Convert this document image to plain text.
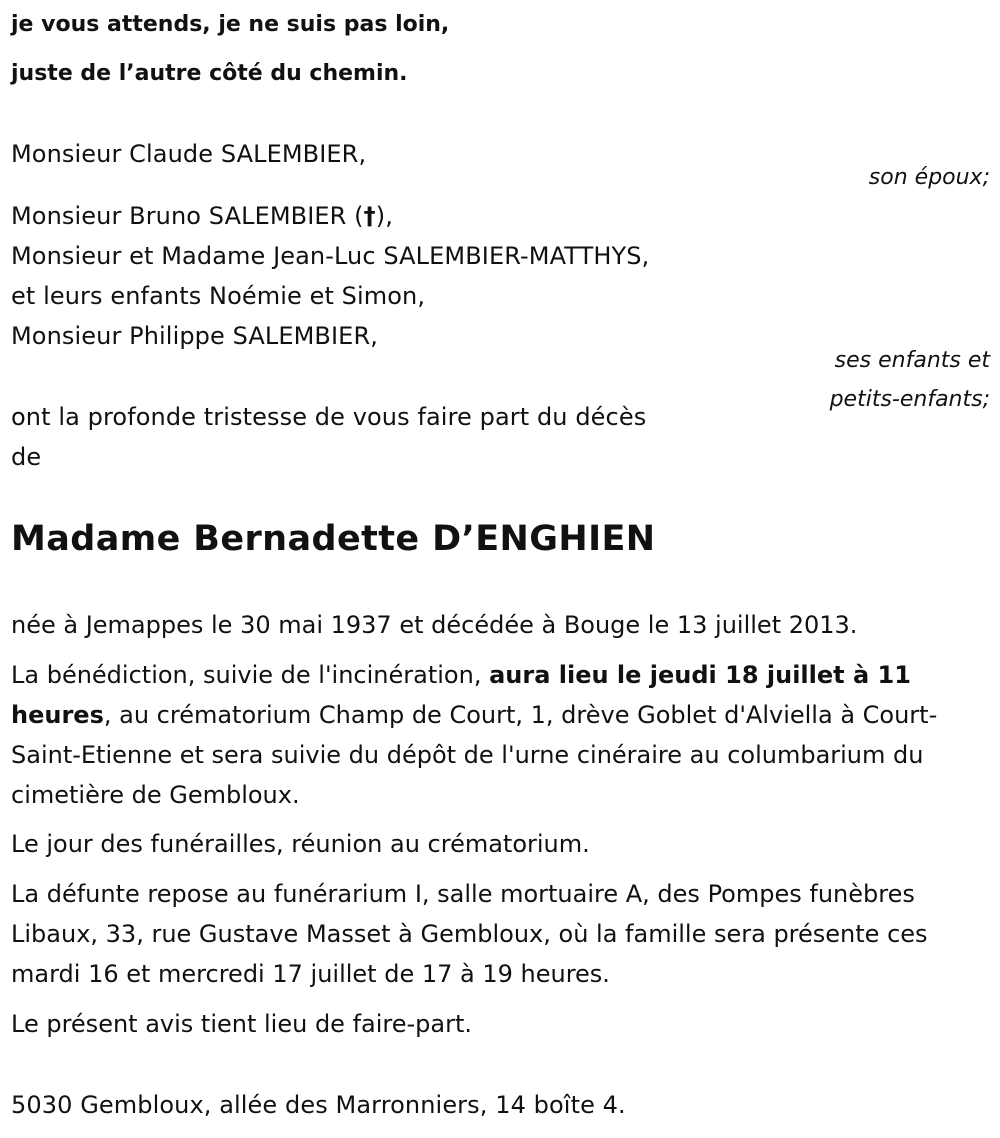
je vous attends, je ne suis pas loin,
juste de l’autre côté du chemin.
Monsieur Claude SALEMBIER,
son époux;
Monsieur Bruno SALEMBIER (†),
Monsieur et Madame Jean-Luc SALEMBIER-MATTHYS,
et leurs enfants Noémie et Simon,
Monsieur Philippe SALEMBIER,
ses enfants et
petits-enfants;
ont la profonde tristesse de vous faire part du décès
de
Madame Bernadette D’ENGHIEN

née à Jemappes le 30 mai 1937 et décédée à Bouge le 13 juillet 2013.

La bénédiction, suivie de l'incinération, aura lieu le jeudi 18 juillet à 11 heures, au crématorium Champ de Court, 1, drève Goblet d'Alviella à Court-Saint-Etienne et sera suivie du dépôt de l'urne cinéraire au columbarium du cimetière de Gembloux.

Le jour des funérailles, réunion au crématorium.

La défunte repose au funérarium I, salle mortuaire A, des Pompes funèbres Libaux, 33, rue Gustave Masset à Gembloux, où la famille sera présente ces mardi 16 et mercredi 17 juillet de 17 à 19 heures.

Le présent avis tient lieu de faire-part.

5030 Gembloux, allée des Marronniers, 14 boîte 4.
